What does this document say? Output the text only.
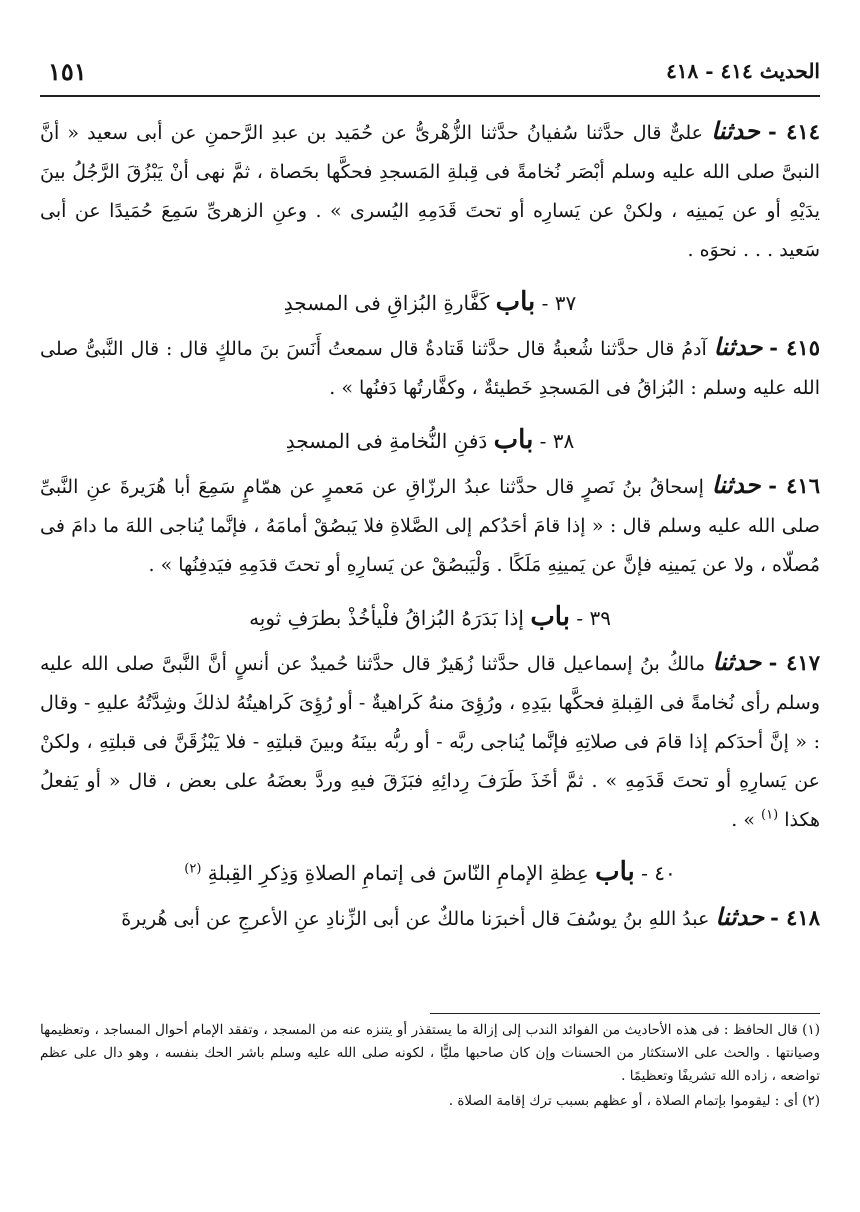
الحديث ٤١٤ - ٤١٨
١٥١

٤١٤ - حدثنا علىٌّ قال حدَّثنا سُفيانُ حدَّثنا الزُّهْرىُّ عن حُمَيد بن عبدِ الرَّحمنِ عن أبى سعيد « أنَّ النبىَّ صلى الله عليه وسلم أبْصَر نُخامةً فى قِبلةِ المَسجدِ فحكَّها بحَصاة ، ثمَّ نهى أنْ يَبْزُقَ الرَّجُلُ بينَ يدَيْهِ أو عن يَمينِه ، ولكنْ عن يَسارِه أو تحتَ قَدَمِهِ اليُسرى » . وعنِ الزهرىِّ سَمِعَ حُمَيدًا عن أبى سَعيد . . . نحوَه .

٣٧ - باب كَفَّارةِ البُزاقِ فى المسجدِ

٤١٥ - حدثنا آدمُ قال حدَّثنا شُعبةُ قال حدَّثنا قَتادةُ قال سمعتُ أَنَسَ بنَ مالكٍ قال : قال النَّبىُّ صلى الله عليه وسلم : البُزاقُ فى المَسجدِ خَطيئةٌ ، وكفَّارتُها دَفنُها » .

٣٨ - باب دَفنِ النُّخامةِ فى المسجدِ

٤١٦ - حدثنا إسحاقُ بنُ نَصرٍ قال حدَّثنا عبدُ الرزّاقِ عن مَعمرٍ عن همّامٍ سَمِعَ أبا هُرَيرةَ عنِ النَّبىِّ صلى الله عليه وسلم قال : « إذا قامَ أحَدُكم إلى الصَّلاةِ فلا يَبصُقْ أمامَهُ ، فإنَّما يُناجى اللهَ ما دامَ فى مُصلّاه ، ولا عن يَمينِه فإنَّ عن يَمينِهِ مَلَكًا . وَلْيَبصُقْ عن يَسارِهِ أو تحتَ قدَمِهِ فيَدفِنُها » .

٣٩ - باب إذا بَدَرَهُ البُزاقُ فلْيأخُذْ بطرَفِ ثوبِه

٤١٧ - حدثنا مالكُ بنُ إسماعيل قال حدَّثنا زُهَيرٌ قال حدَّثنا حُميدٌ عن أنسٍ أنَّ النَّبىَّ صلى الله عليه وسلم رأى نُخامةً فى القِبلةِ فحكَّها بيَدِهِ ، ورُؤِىَ منهُ كَراهيةٌ - أو رُؤِىَ كَراهيتُهُ لذلكَ وشِدَّتُهُ عليهِ - وقال : « إنَّ أحدَكم إذا قامَ فى صلاتِهِ فإنَّما يُناجى ربَّه - أو ربُّه بينَهُ وبينَ قبلتِهِ - فلا يَبْزُقَنَّ فى قبلتِهِ ، ولكنْ عن يَسارِهِ أو تحتَ قَدَمِهِ » . ثمَّ أخَذَ طَرَفَ رِدائِهِ فبَزَقَ فيهِ وردَّ بعضَهُ على بعض ، قال « أو يَفعلُ هكذا $^{(١)}$ » .

٤٠ - باب عِظةِ الإمامِ النّاسَ فى إتمامِ الصلاةِ وَذِكرِ القِبلةِ $^{(٢)}$

٤١٨ - حدثنا عبدُ اللهِ بنُ يوسُفَ قال أخبرَنا مالكٌ عن أبى الزِّنادِ عنِ الأعرجِ عن أبى هُريرةَ

(١) قال الحافظ : فى هذه الأحاديث من الفوائد الندب إلى إزالة ما يستقذر أو يتنزه عنه من المسجد ، وتفقد الإمام أحوال المساجد ، وتعظيمها وصيانتها . والحث على الاستكثار من الحسنات وإن كان صاحبها مليًّا ، لكونه صلى الله عليه وسلم باشر الحك بنفسه ، وهو دال على عظم تواضعه ، زاده الله تشريفًا وتعظيمًا .

(٢) أى : ليقوموا بإتمام الصلاة ، أو عظهم بسبب ترك إقامة الصلاة .
